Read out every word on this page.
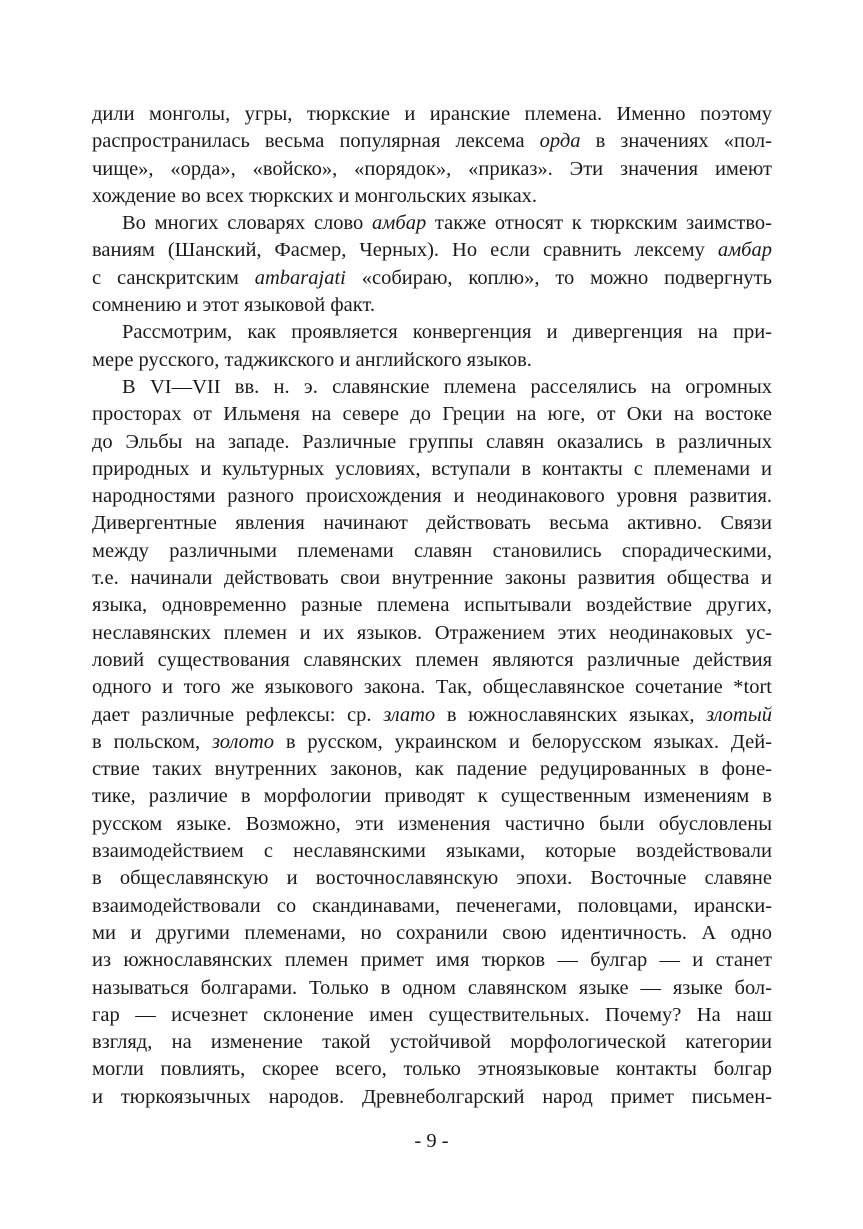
дили монголы, угры, тюркские и иранские племена. Именно поэтому
распространилась весьма популярная лексема орда в значениях «пол-
чище», «орда», «войско», «порядок», «приказ». Эти значения имеют
хождение во всех тюркских и монгольских языках.
Во многих словарях слово амбар также относят к тюркским заимство-
ваниям (Шанский, Фасмер, Черных). Но если сравнить лексему амбар
с санскритским ambarajati «собираю, коплю», то можно подвергнуть
сомнению и этот языковой факт.
Рассмотрим, как проявляется конвергенция и дивергенция на при-
мере русского, таджикского и английского языков.
В VI—VII вв. н. э. славянские племена расселялись на огромных
просторах от Ильменя на севере до Греции на юге, от Оки на востоке
до Эльбы на западе. Различные группы славян оказались в различных
природных и культурных условиях, вступали в контакты с племенами и
народностями разного происхождения и неодинакового уровня развития.
Дивергентные явления начинают действовать весьма активно. Связи
между различными племенами славян становились спорадическими,
т.е. начинали действовать свои внутренние законы развития общества и
языка, одновременно разные племена испытывали воздействие других,
неславянских племен и их языков. Отражением этих неодинаковых ус-
ловий существования славянских племен являются различные действия
одного и того же языкового закона. Так, общеславянское сочетание *tort
дает различные рефлексы: ср. злато в южнославянских языках, злотый
в польском, золото в русском, украинском и белорусском языках. Дей-
ствие таких внутренних законов, как падение редуцированных в фоне-
тике, различие в морфологии приводят к существенным изменениям в
русском языке. Возможно, эти изменения частично были обусловлены
взаимодействием с неславянскими языками, которые воздействовали
в общеславянскую и восточнославянскую эпохи. Восточные славяне
взаимодействовали со скандинавами, печенегами, половцами, ирански-
ми и другими племенами, но сохранили свою идентичность. А одно
из южнославянских племен примет имя тюрков — булгар — и станет
называться болгарами. Только в одном славянском языке — языке бол-
гар — исчезнет склонение имен существительных. Почему? На наш
взгляд, на изменение такой устойчивой морфологической категории
могли повлиять, скорее всего, только этноязыковые контакты болгар
и тюркоязычных народов. Древнеболгарский народ примет письмен-
- 9 -
